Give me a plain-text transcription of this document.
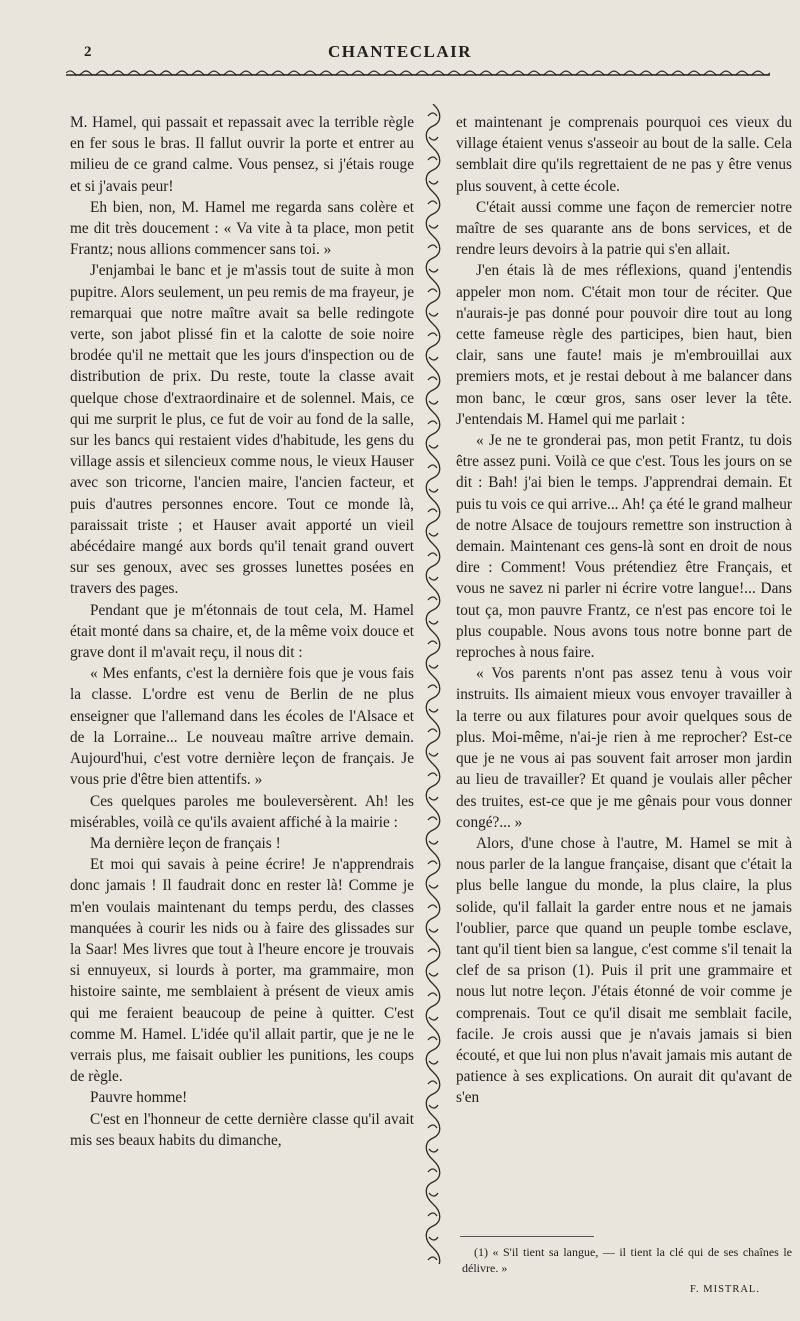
2	CHANTECLAIR

M. Hamel, qui passait et repassait avec la terrible règle en fer sous le bras. Il fallut ouvrir la porte et entrer au milieu de ce grand calme. Vous pensez, si j'étais rouge et si j'avais peur!

Eh bien, non, M. Hamel me regarda sans colère et me dit très doucement : « Va vite à ta place, mon petit Frantz; nous allions commencer sans toi. »

J'enjambai le banc et je m'assis tout de suite à mon pupitre. Alors seulement, un peu remis de ma frayeur, je remarquai que notre maître avait sa belle redingote verte, son jabot plissé fin et la calotte de soie noire brodée qu'il ne mettait que les jours d'inspection ou de distribution de prix. Du reste, toute la classe avait quelque chose d'extraordinaire et de solennel. Mais, ce qui me surprit le plus, ce fut de voir au fond de la salle, sur les bancs qui restaient vides d'habitude, les gens du village assis et silencieux comme nous, le vieux Hauser avec son tricorne, l'ancien maire, l'ancien facteur, et puis d'autres personnes encore. Tout ce monde là, paraissait triste ; et Hauser avait apporté un vieil abécédaire mangé aux bords qu'il tenait grand ouvert sur ses genoux, avec ses grosses lunettes posées en travers des pages.

Pendant que je m'étonnais de tout cela, M. Hamel était monté dans sa chaire, et, de la même voix douce et grave dont il m'avait reçu, il nous dit :

« Mes enfants, c'est la dernière fois que je vous fais la classe. L'ordre est venu de Berlin de ne plus enseigner que l'allemand dans les écoles de l'Alsace et de la Lorraine... Le nouveau maître arrive demain. Aujourd'hui, c'est votre dernière leçon de français. Je vous prie d'être bien attentifs. »

Ces quelques paroles me bouleversèrent. Ah! les misérables, voilà ce qu'ils avaient affiché à la mairie :

Ma dernière leçon de français !

Et moi qui savais à peine écrire! Je n'apprendrais donc jamais ! Il faudrait donc en rester là! Comme je m'en voulais maintenant du temps perdu, des classes manquées à courir les nids ou à faire des glissades sur la Saar! Mes livres que tout à l'heure encore je trouvais si ennuyeux, si lourds à porter, ma grammaire, mon histoire sainte, me semblaient à présent de vieux amis qui me feraient beaucoup de peine à quitter. C'est comme M. Hamel. L'idée qu'il allait partir, que je ne le verrais plus, me faisait oublier les punitions, les coups de règle.

Pauvre homme!

C'est en l'honneur de cette dernière classe qu'il avait mis ses beaux habits du dimanche,

et maintenant je comprenais pourquoi ces vieux du village étaient venus s'asseoir au bout de la salle. Cela semblait dire qu'ils regrettaient de ne pas y être venus plus souvent, à cette école.

C'était aussi comme une façon de remercier notre maître de ses quarante ans de bons services, et de rendre leurs devoirs à la patrie qui s'en allait.

J'en étais là de mes réflexions, quand j'entendis appeler mon nom. C'était mon tour de réciter. Que n'aurais-je pas donné pour pouvoir dire tout au long cette fameuse règle des participes, bien haut, bien clair, sans une faute! mais je m'embrouillai aux premiers mots, et je restai debout à me balancer dans mon banc, le cœur gros, sans oser lever la tête. J'entendais M. Hamel qui me parlait :

« Je ne te gronderai pas, mon petit Frantz, tu dois être assez puni. Voilà ce que c'est. Tous les jours on se dit : Bah! j'ai bien le temps. J'apprendrai demain. Et puis tu vois ce qui arrive... Ah! ça été le grand malheur de notre Alsace de toujours remettre son instruction à demain. Maintenant ces gens-là sont en droit de nous dire : Comment! Vous prétendiez être Français, et vous ne savez ni parler ni écrire votre langue!... Dans tout ça, mon pauvre Frantz, ce n'est pas encore toi le plus coupable. Nous avons tous notre bonne part de reproches à nous faire.

« Vos parents n'ont pas assez tenu à vous voir instruits. Ils aimaient mieux vous envoyer travailler à la terre ou aux filatures pour avoir quelques sous de plus. Moi-même, n'ai-je rien à me reprocher? Est-ce que je ne vous ai pas souvent fait arroser mon jardin au lieu de travailler? Et quand je voulais aller pêcher des truites, est-ce que je me gênais pour vous donner congé?... »

Alors, d'une chose à l'autre, M. Hamel se mit à nous parler de la langue française, disant que c'était la plus belle langue du monde, la plus claire, la plus solide, qu'il fallait la garder entre nous et ne jamais l'oublier, parce que quand un peuple tombe esclave, tant qu'il tient bien sa langue, c'est comme s'il tenait la clef de sa prison (1). Puis il prit une grammaire et nous lut notre leçon. J'étais étonné de voir comme je comprenais. Tout ce qu'il disait me semblait facile, facile. Je crois aussi que je n'avais jamais si bien écouté, et que lui non plus n'avait jamais mis autant de patience à ses explications. On aurait dit qu'avant de s'en

(1) « S'il tient sa langue, — il tient la clé qui de ses chaînes le délivre. »

F. MISTRAL.
